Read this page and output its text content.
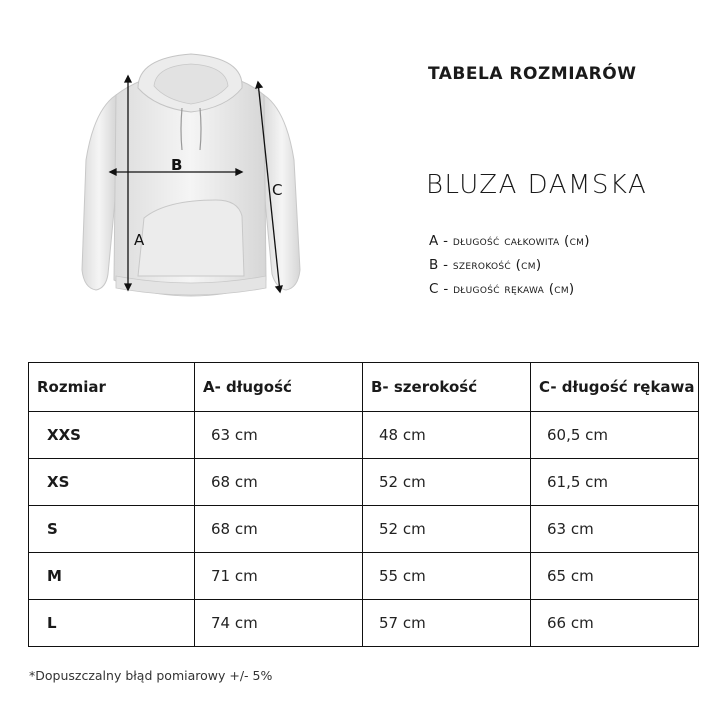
B
A
C
TABELA ROZMIARÓW
BLUZA DAMSKA
A - długość całkowita (cm)
B - szerokość (cm)
C - długość rękawa (cm)
Rozmiar	A- długość	B- szerokość	C- długość rękawa
XXS	63 cm	48 cm	60,5 cm
XS	68 cm	52 cm	61,5 cm
S	68 cm	52 cm	63 cm
M	71 cm	55 cm	65 cm
L	74 cm	57 cm	66 cm
*Dopuszczalny błąd pomiarowy +/- 5%
